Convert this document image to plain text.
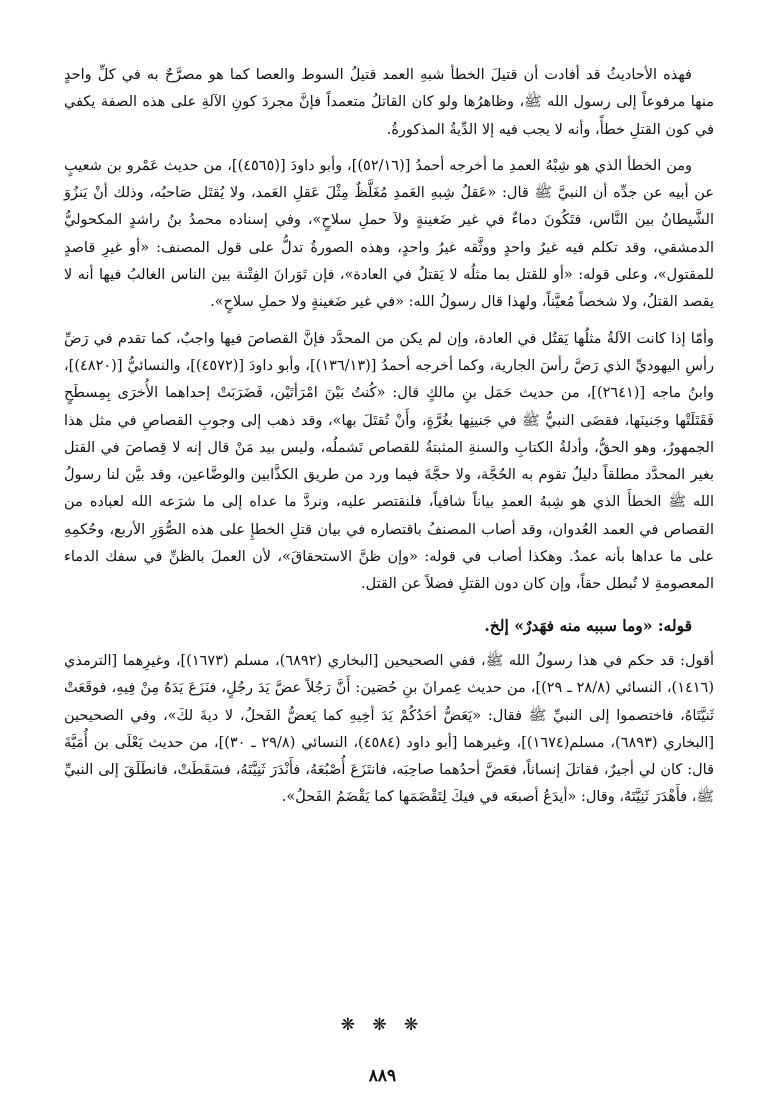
فهذه الأحاديثُ قد أفادت أن قتيلَ الخطأ شبهِ العمد قتيلُ السوط والعصا كما هو مصرَّحٌ به في كلِّ واحدٍ منها مرفوعاً إلى رسول الله ﷺ، وظاهرُها ولو كان القاتلُ متعمداً فإنَّ مجردَ كونِ الآلةِ على هذه الصفة يكفي في كون القتلِ خطأً، وأنه لا يجب فيه إلا الدِّيةُ المذكورةُ.

ومن الخطأ الذي هو شِبْهُ العمدِ ما أخرجه أحمدُ [(٥٢/١٦)]، وأبو داودَ [(٤٥٦٥)]، من حديث عَمْرو بن شعيبٍ عن أبيه عن جدِّه أن النبيَّ ﷺ قال: «عَقلُ شِبهِ العَمدِ مُغَلَّظٌ مِثْلَ عَقلِ العَمد، ولا يُقتَل صَاحبُه، وذلك أنْ يَنزُوَ الشَّيطانُ بين النَّاس، فتَكُونَ دماءٌ في غير ضَغينةٍ ولاَ حملِ سلاحٍ»، وفي إسناده محمدُ بنُ راشدٍ المكحوليُّ الدمشقي، وقد تكلم فيه غيرُ واحدٍ ووثَّقه غيرُ واحدٍ، وهذه الصورةُ تدلُّ على قول المصنف: «أو غيرِ قاصدٍ للمقتول»، وعلى قوله: «أو للقتل بما مثلُه لا يَقتلُ في العادة»، فإن تَوَرانَ الفِتْنة بين الناس الغالبُ فيها أنه لا يقصد القتلُ، ولا شخصاً مُعيَّناً، ولهذا قال رسولُ الله: «في غير ضَغينةٍ ولا حملِ سلاحٍ».

وأمّا إذا كانت الآلةُ مثلُها يَقتُل في العادة، وإن لم يكن من المحدَّد فإنَّ القصاصَ فيها واجبٌ، كما تقدم في رَضِّ رأسِ اليهوديِّ الذي رَضَّ رأسَ الجارية، وكما أخرجه أحمدُ [(١٣٦/١٣)]، وأبو داودَ [(٤٥٧٢)]، والنسائيُّ [(٤٨٢٠)]، وابنُ ماجه [(٢٦٤١)]، من حديث حَمَل بنِ مالكٍ قال: «كُنتُ بَيْنَ امْرَأتَيْن، فَضَرَبَتْ إحداهما الأُخرَى بِمِسطَحٍ فَقَتَلَتْها وجَنينَها، فقضَى النبيُّ ﷺ في جَنينِها بغُرَّةٍ، وأَنْ تُقتَلَ بها»، وقد ذهب إلى وجوبِ القصاصِ في مثل هذا الجمهورُ، وهو الحقُّ، وأدلةُ الكتابِ والسنةِ المثبتةُ للقصاص تَشملُه، وليس بيد مَنْ قال إنه لا قِصاصَ في القتل بغير المحدَّد مطلقاً دليلٌ تقوم به الحُجَّة، ولا حجَّةَ فيما ورد من طريق الكذَّابين والوضَّاعين، وقد بيَّن لنا رسولُ الله ﷺ الخطأَ الذي هو شِبهُ العمدِ بياناً شافياً، فلنقتصر عليه، ونردَّ ما عداه إلى ما شرَعه الله لعباده من القصاص في العمد العُدوان، وقد أصاب المصنفُ باقتصاره في بيان قتلِ الخطإِ على هذه الصُّوَرِ الأربع، وحُكمِهِ على ما عداها بأنه عمدٌ. وهكذا أصاب في قوله: «وإن ظنَّ الاستحقاقَ»، لأن العملَ بالظنِّ في سفك الدماء المعصومةِ لا تُبطل حقاً، وإن كان دون القتلِ فضلاً عن القتل.

قوله: «وما سببه منه فهَدرٌ» إلخ.

أقول: قد حكم في هذا رسولُ الله ﷺ، ففي الصحيحين [البخاري (٦٨٩٢)، مسلم (١٦٧٣)]، وغيرِهما [الترمذي (١٤١٦)، النسائي (٢٨/٨ ـ ٢٩)]، من حديث عِمرانَ بنِ حُصَين: أَنَّ رَجُلاً عضَّ يَدَ رجُلٍ، فنَزَعَ يَدَهُ مِنْ فِيهِ، فوقَعَتْ ثَنيَّتَاهُ، فاختصموا إلى النبيِّ ﷺ فقال: «يَعَضُّ أحَدُكُمْ يَدَ أخِيهِ كما يَعضُّ الفَحلُ، لا ديةَ لكَ»، وفي الصحيحين [البخاري (٦٨٩٣)، مسلم(١٦٧٤)]، وغيرهما [أبو داود (٤٥٨٤)، النسائي (٢٩/٨ ـ ٣٠)]، من حديث يَعْلَى بن أُمَيَّةَ قال: كان لي أجيرٌ، فقاتلَ إنساناً، فعَضَّ أحدُهما صاحِبَه، فانتَزَعَ أُصْبُعَهُ، فأَنْدَرَ ثَنِيَّتَهُ، فسَقَطَتْ، فانطَلَقَ إلى النبيِّ ﷺ، فأَهْدَرَ ثَنِيَّتَهُ، وقال: «أيدَعُ أصبعَه في فيكَ لِتَقْضَمَها كما يَقْضَمُ الفَحلُ».

❋ ❋ ❋
٨٨٩
